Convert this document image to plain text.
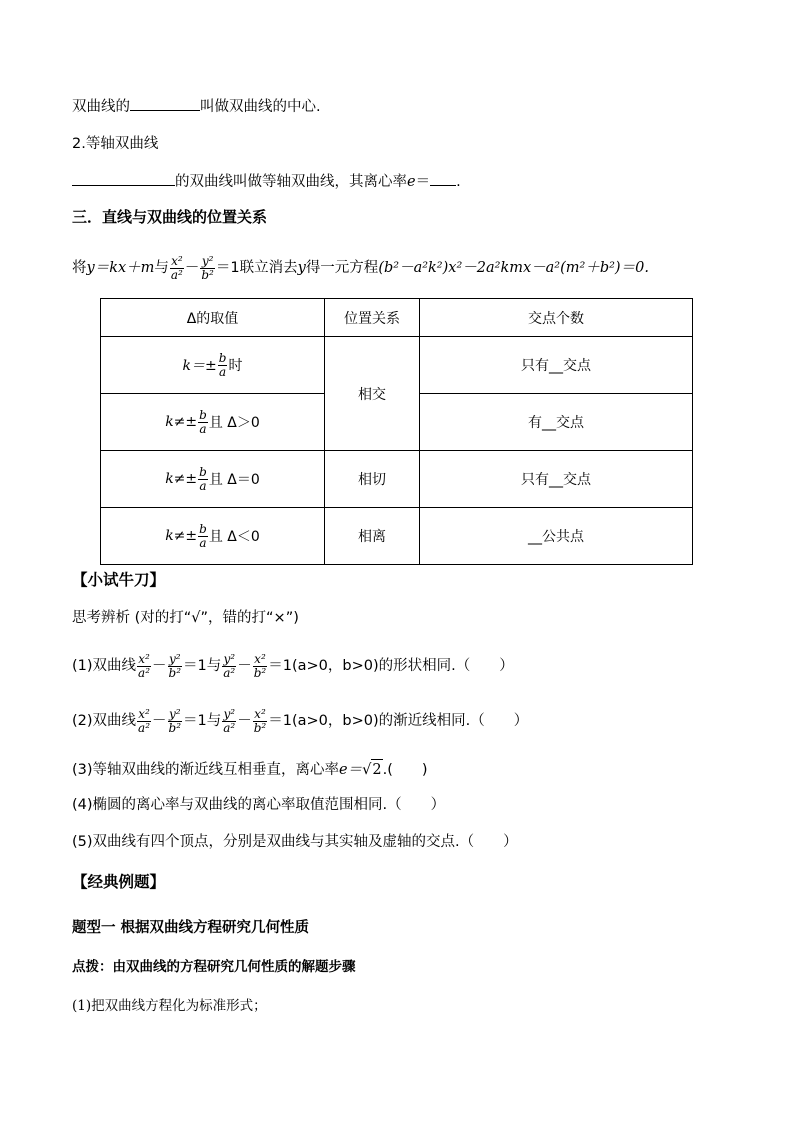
双曲线的	叫做双曲线的中心.
2.等轴双曲线
的双曲线叫做等轴双曲线，其离心率e＝ .
三．直线与双曲线的位置关系
将y＝kx＋m与 $\frac{\text{x²}}{\text{a²}} - \frac{\text{y²}}{\text{b²}} =1$联立消去y得一元方程(b²－a²k²)x²－2a²kmx－a²(m²＋b²)＝0.
Δ的取值	位置关系	交点个数

$k=\pm \frac{b}{a}$ 时	相交	只有__交点

$k\ne\pm \frac{b}{a}$ 且 Δ＞0		有__交点

$k\ne\pm \frac{b}{a}$ 且 Δ＝0	相切	只有__交点

$k\ne\pm \frac{b}{a}$ 且 Δ＜0	相离	__公共点
【小试牛刀】
思考辨析 (对的打“√”，错的打“×”)
(1)双曲线 $\frac{\text{x²}}{\text{a²}} - \frac{\text{y²}}{\text{b²}} =1$与 $\frac{\text{y²}}{\text{a²}} - \frac{\text{x²}}{\text{b²}} =1(a>0$，b>0)的形状相同.（　　）
(2)双曲线 $\frac{\text{x²}}{\text{a²}} - \frac{\text{y²}}{\text{b²}} =1$与 $\frac{\text{y²}}{\text{a²}} - \frac{\text{x²}}{\text{b²}} =1(a>0$，b>0)的渐近线相同.（　　）
(3)等轴双曲线的渐近线互相垂直，离心率e＝√2.(　　)
(4)椭圆的离心率与双曲线的离心率取值范围相同.（　　）
(5)双曲线有四个顶点，分别是双曲线与其实轴及虚轴的交点.（　　）
【经典例题】
题型一 根据双曲线方程研究几何性质
点拨：由双曲线的方程研究几何性质的解题步骤
(1)把双曲线方程化为标准形式；
